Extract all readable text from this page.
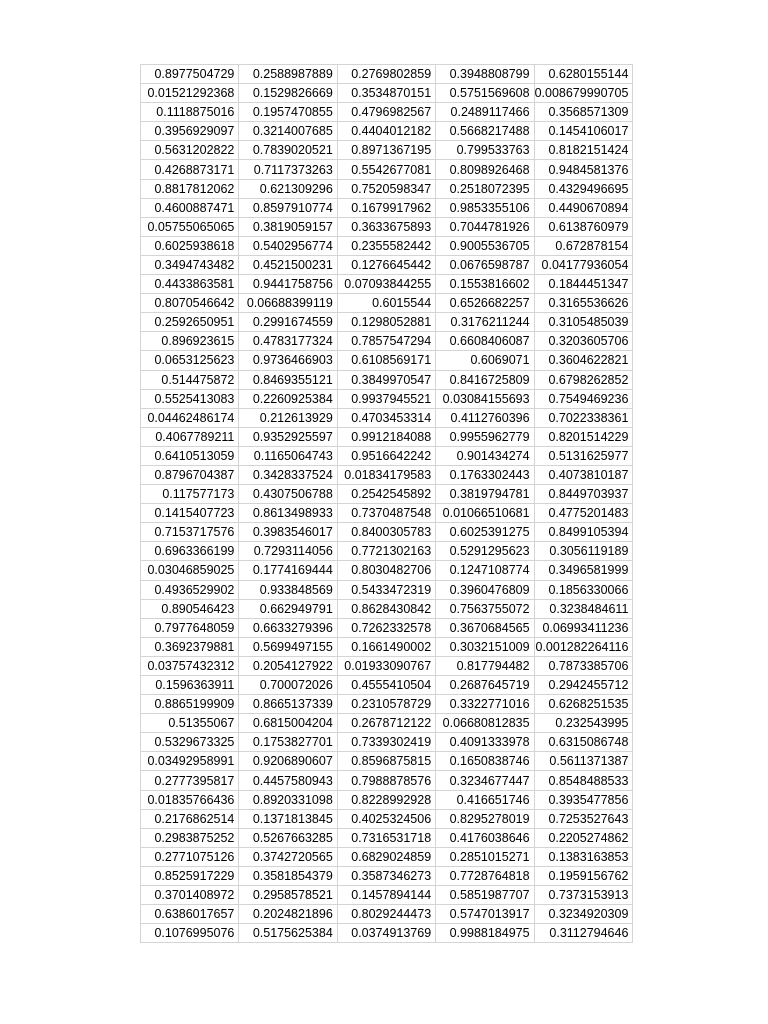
0.8977504729	0.2588987889	0.2769802859	0.3948808799	0.6280155144
0.01521292368	0.1529826669	0.3534870151	0.5751569608	0.008679990705
0.1118875016	0.1957470855	0.4796982567	0.2489117466	0.3568571309
0.3956929097	0.3214007685	0.4404012182	0.5668217488	0.1454106017
0.5631202822	0.7839020521	0.8971367195	0.799533763	0.8182151424
0.4268873171	0.7117373263	0.5542677081	0.8098926468	0.9484581376
0.8817812062	0.621309296	0.7520598347	0.2518072395	0.4329496695
0.4600887471	0.8597910774	0.1679917962	0.9853355106	0.4490670894
0.05755065065	0.3819059157	0.3633675893	0.7044781926	0.6138760979
0.6025938618	0.5402956774	0.2355582442	0.9005536705	0.672878154
0.3494743482	0.4521500231	0.1276645442	0.0676598787	0.04177936054
0.4433863581	0.9441758756	0.07093844255	0.1553816602	0.1844451347
0.8070546642	0.06688399119	0.6015544	0.6526682257	0.3165536626
0.2592650951	0.2991674559	0.1298052881	0.3176211244	0.3105485039
0.896923615	0.4783177324	0.7857547294	0.6608406087	0.3203605706
0.0653125623	0.9736466903	0.6108569171	0.6069071	0.3604622821
0.514475872	0.8469355121	0.3849970547	0.8416725809	0.6798262852
0.5525413083	0.2260925384	0.9937945521	0.03084155693	0.7549469236
0.04462486174	0.212613929	0.4703453314	0.4112760396	0.7022338361
0.4067789211	0.9352925597	0.9912184088	0.9955962779	0.8201514229
0.6410513059	0.1165064743	0.9516642242	0.901434274	0.5131625977
0.8796704387	0.3428337524	0.01834179583	0.1763302443	0.4073810187
0.117577173	0.4307506788	0.2542545892	0.3819794781	0.8449703937
0.1415407723	0.8613498933	0.7370487548	0.01066510681	0.4775201483
0.7153717576	0.3983546017	0.8400305783	0.6025391275	0.8499105394
0.6963366199	0.7293114056	0.7721302163	0.5291295623	0.3056119189
0.03046859025	0.1774169444	0.8030482706	0.1247108774	0.3496581999
0.4936529902	0.933848569	0.5433472319	0.3960476809	0.1856330066
0.890546423	0.662949791	0.8628430842	0.7563755072	0.3238484611
0.7977648059	0.6633279396	0.7262332578	0.3670684565	0.06993411236
0.3692379881	0.5699497155	0.1661490002	0.3032151009	0.001282264116
0.03757432312	0.2054127922	0.01933090767	0.817794482	0.7873385706
0.1596363911	0.700072026	0.4555410504	0.2687645719	0.2942455712
0.8865199909	0.8665137339	0.2310578729	0.3322771016	0.6268251535
0.51355067	0.6815004204	0.2678712122	0.06680812835	0.232543995
0.5329673325	0.1753827701	0.7339302419	0.4091333978	0.6315086748
0.03492958991	0.9206890607	0.8596875815	0.1650838746	0.5611371387
0.2777395817	0.4457580943	0.7988878576	0.3234677447	0.8548488533
0.01835766436	0.8920331098	0.8228992928	0.416651746	0.3935477856
0.2176862514	0.1371813845	0.4025324506	0.8295278019	0.7253527643
0.2983875252	0.5267663285	0.7316531718	0.4176038646	0.2205274862
0.2771075126	0.3742720565	0.6829024859	0.2851015271	0.1383163853
0.8525917229	0.3581854379	0.3587346273	0.7728764818	0.1959156762
0.3701408972	0.2958578521	0.1457894144	0.5851987707	0.7373153913
0.6386017657	0.2024821896	0.8029244473	0.5747013917	0.3234920309
0.1076995076	0.5175625384	0.0374913769	0.9988184975	0.3112794646
